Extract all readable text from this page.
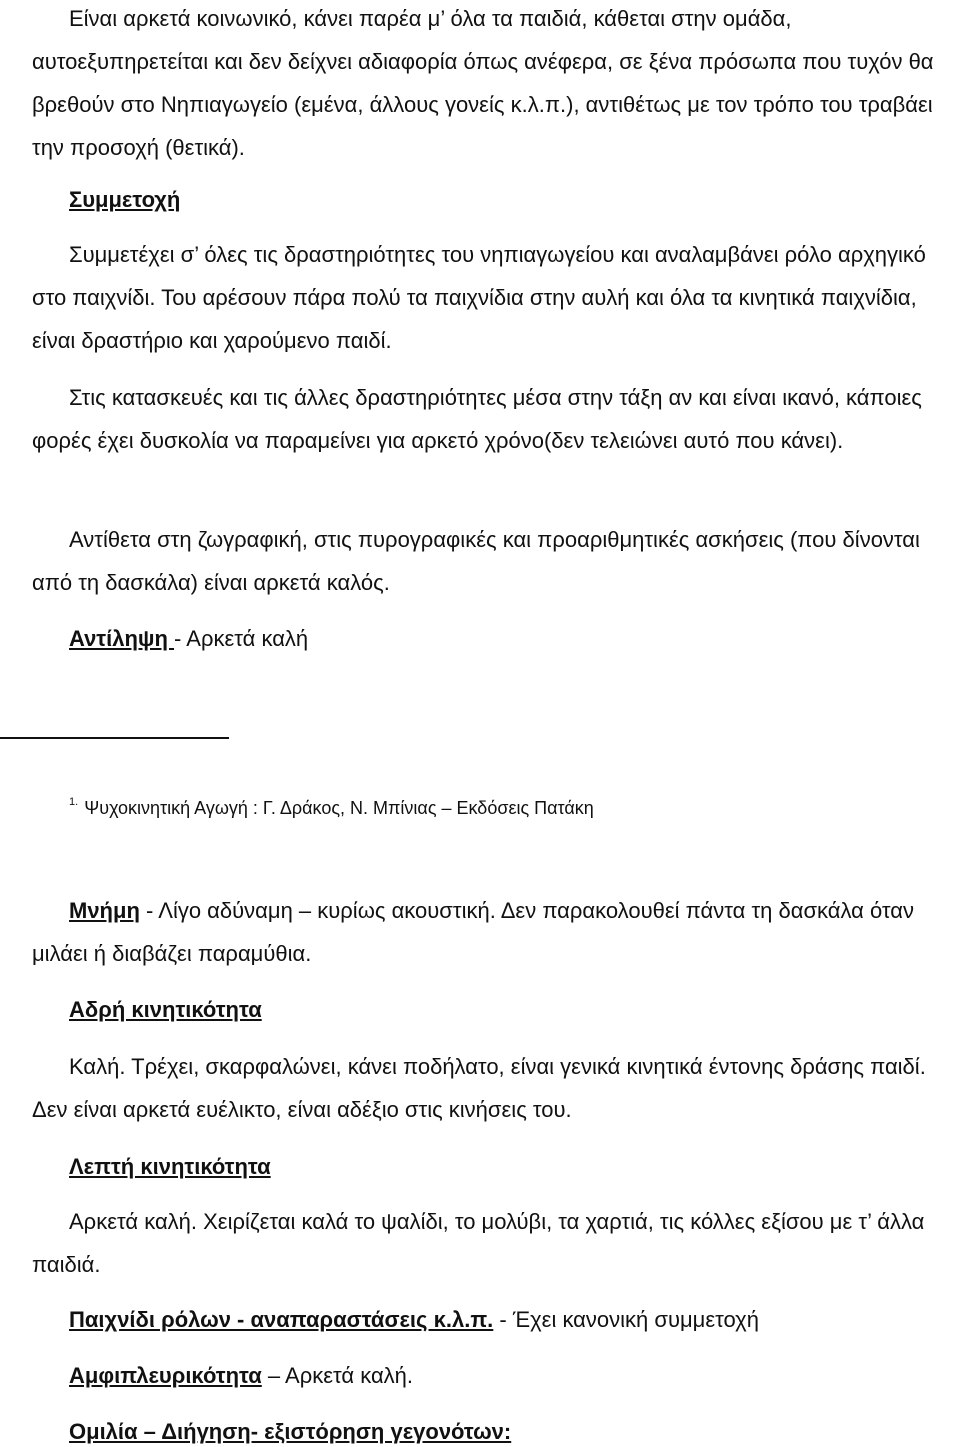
Είναι αρκετά κοινωνικό, κάνει παρέα μ’ όλα τα παιδιά, κάθεται στην ομάδα, αυτοεξυπηρετείται και δεν δείχνει αδιαφορία όπως ανέφερα, σε ξένα πρόσωπα που τυχόν θα βρεθούν στο Νηπιαγωγείο (εμένα, άλλους γονείς κ.λ.π.), αντιθέτως με τον τρόπο του τραβάει την προσοχή (θετικά).

Συμμετοχή

Συμμετέχει σ’ όλες τις δραστηριότητες του νηπιαγωγείου και αναλαμβάνει ρόλο αρχηγικό στο παιχνίδι. Του αρέσουν πάρα πολύ τα παιχνίδια στην αυλή και όλα τα κινητικά παιχνίδια, είναι δραστήριο και χαρούμενο παιδί.

Στις κατασκευές και τις άλλες δραστηριότητες μέσα στην τάξη αν και είναι ικανό, κάποιες φορές έχει δυσκολία να παραμείνει για αρκετό χρόνο(δεν τελειώνει αυτό που κάνει).

Αντίθετα στη ζωγραφική, στις πυρογραφικές και προαριθμητικές ασκήσεις (που δίνονται από τη δασκάλα) είναι αρκετά καλός.

Αντίληψη - Αρκετά καλή

$^{1.}$ Ψυχοκινητική Αγωγή : Γ. Δράκος, Ν. Μπίνιας – Εκδόσεις Πατάκη

Μνήμη - Λίγο αδύναμη – κυρίως ακουστική. Δεν παρακολουθεί πάντα τη δασκάλα όταν μιλάει ή διαβάζει παραμύθια.

Αδρή κινητικότητα

Καλή. Τρέχει, σκαρφαλώνει, κάνει ποδήλατο, είναι γενικά κινητικά έντονης δράσης παιδί. Δεν είναι αρκετά ευέλικτο, είναι αδέξιο στις κινήσεις του.

Λεπτή κινητικότητα

Αρκετά καλή. Χειρίζεται καλά το ψαλίδι, το μολύβι, τα χαρτιά, τις κόλλες εξίσου με τ’ άλλα παιδιά.

Παιχνίδι ρόλων - αναπαραστάσεις κ.λ.π. - Έχει κανονική συμμετοχή

Αμφιπλευρικότητα – Αρκετά καλή.

Ομιλία – Διήγηση- εξιστόρηση γεγονότων:
